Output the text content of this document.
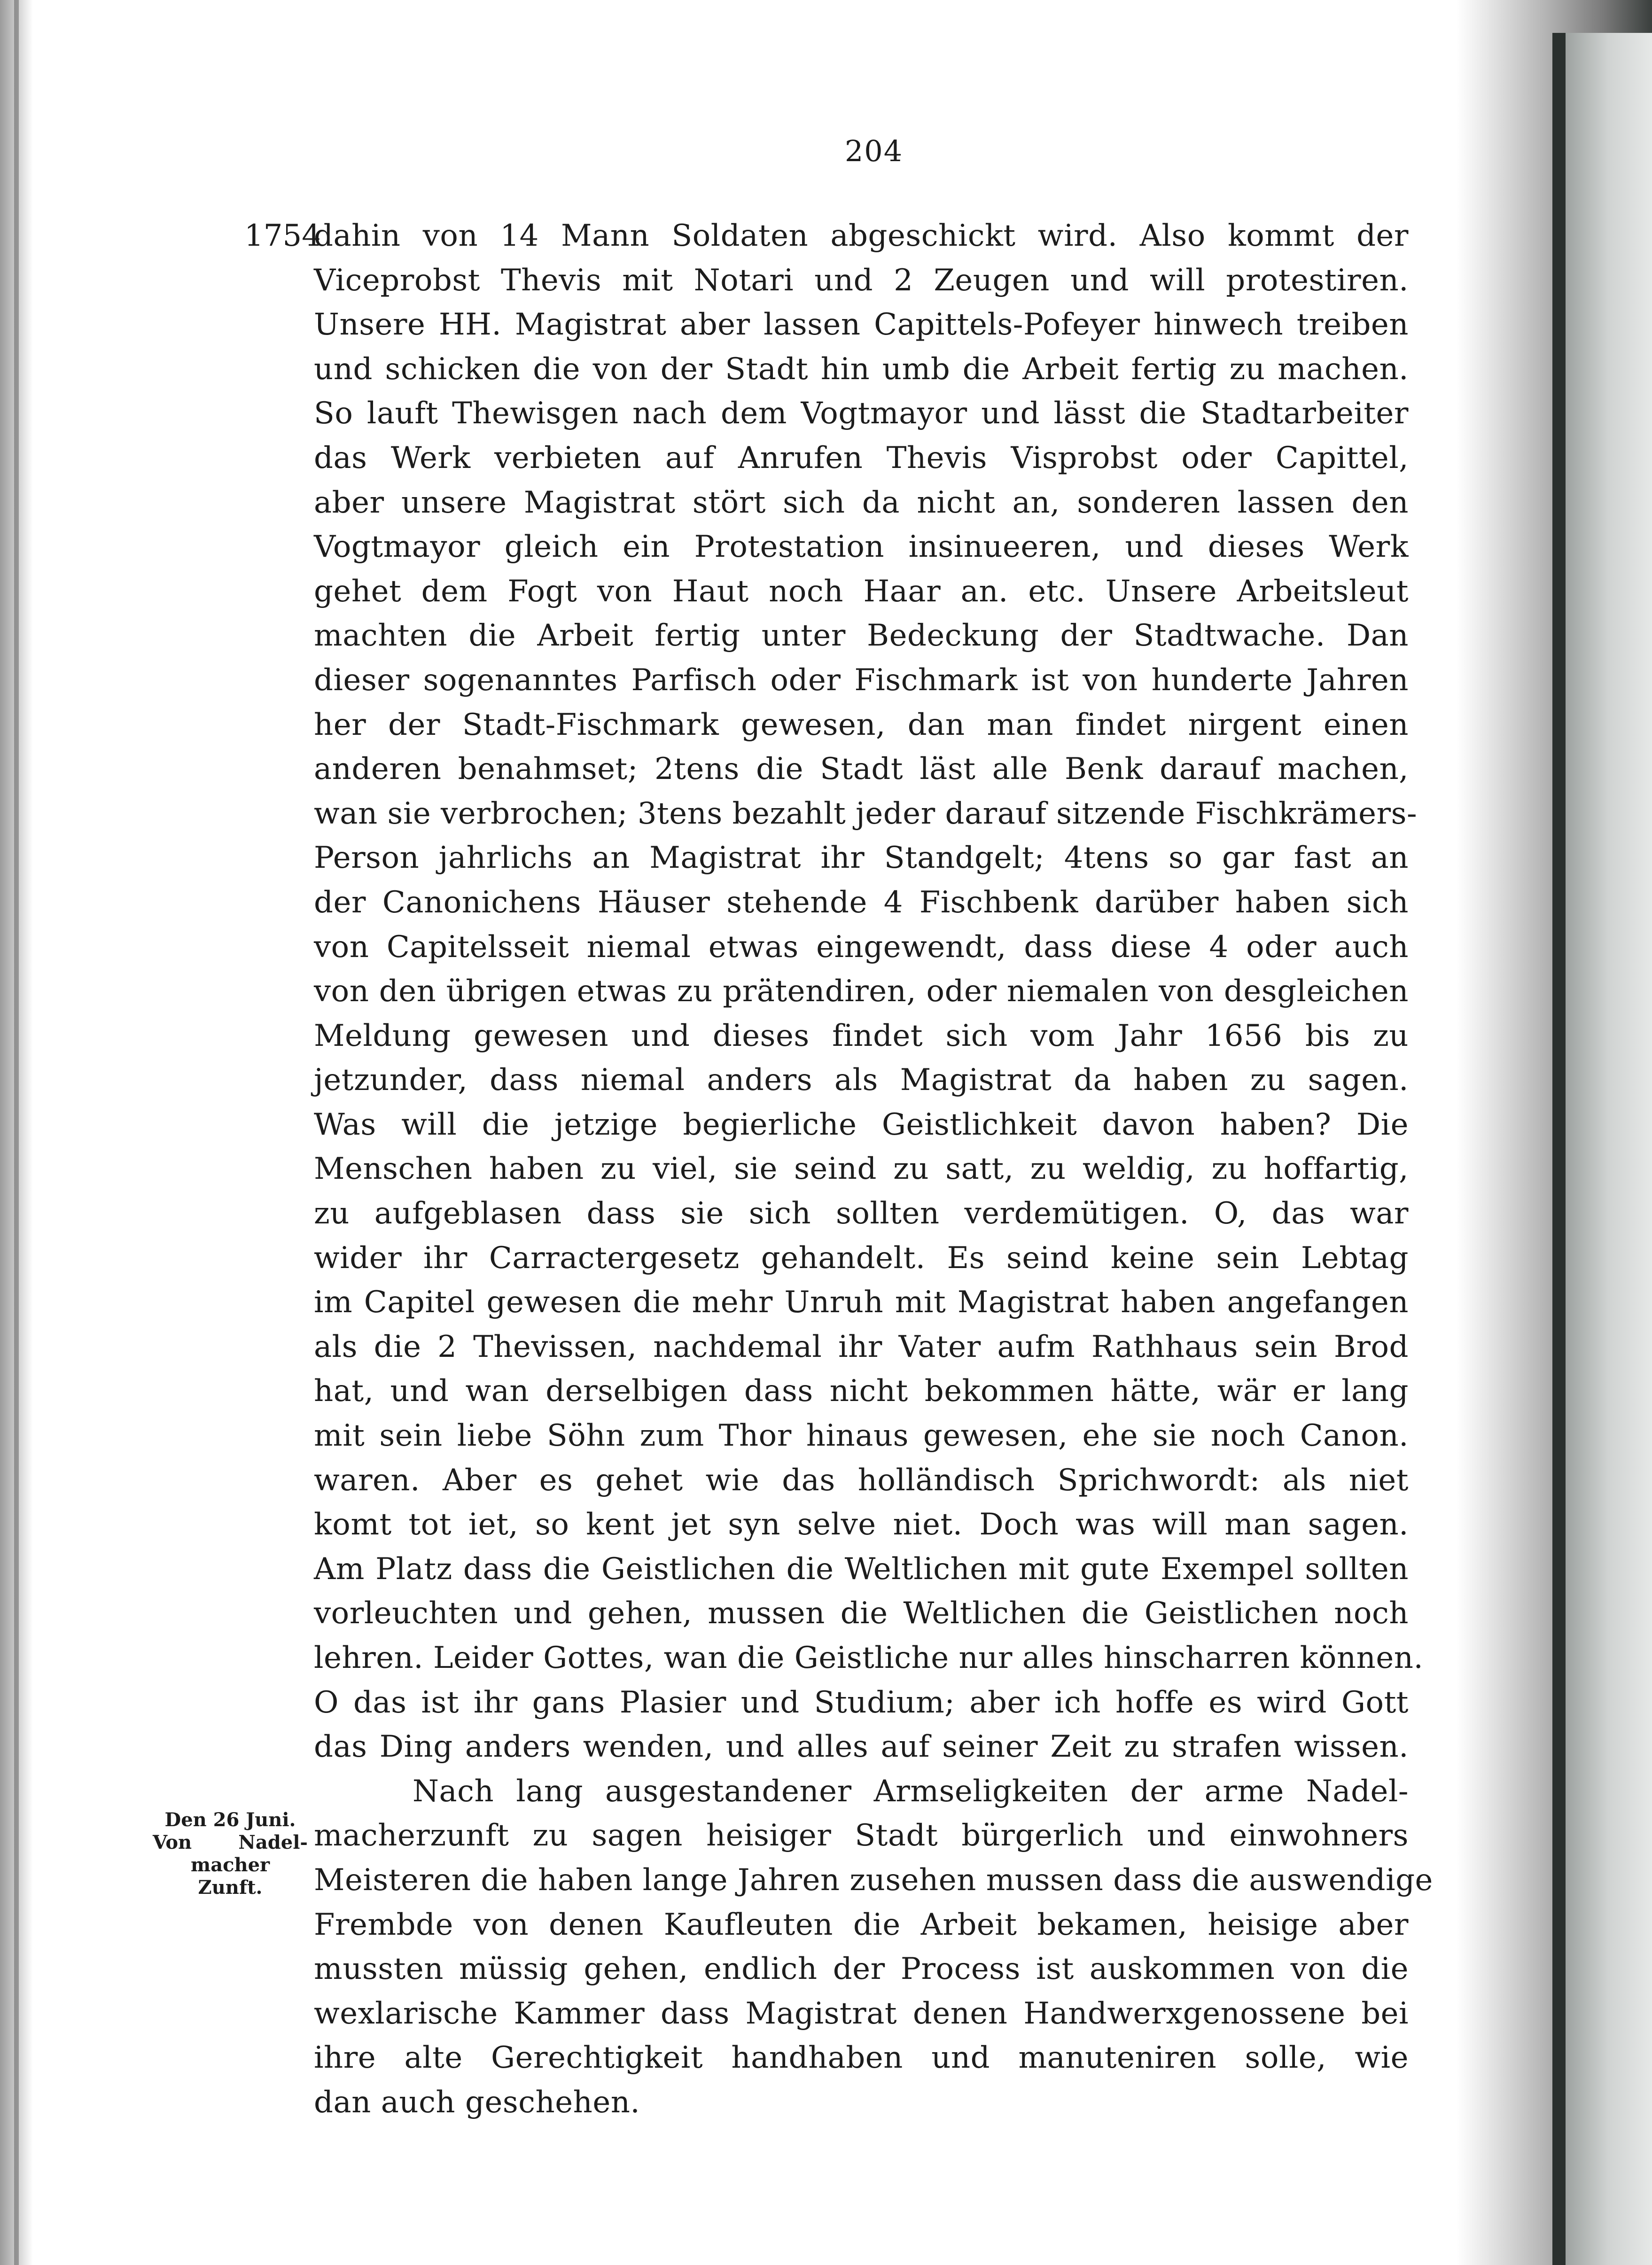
204
1754
dahin von 14 Mann Soldaten abgeschickt wird. Also kommt der
Viceprobst Thevis mit Notari und 2 Zeugen und will protestiren.
Unsere HH. Magistrat aber lassen Capittels-Pofeyer hinwech treiben
und schicken die von der Stadt hin umb die Arbeit fertig zu machen.
So lauft Thewisgen nach dem Vogtmayor und lässt die Stadtarbeiter
das Werk verbieten auf Anrufen Thevis Visprobst oder Capittel,
aber unsere Magistrat stört sich da nicht an, sonderen lassen den
Vogtmayor gleich ein Protestation insinueeren, und dieses Werk
gehet dem Fogt von Haut noch Haar an. etc. Unsere Arbeitsleut
machten die Arbeit fertig unter Bedeckung der Stadtwache. Dan
dieser sogenanntes Parfisch oder Fischmark ist von hunderte Jahren
her der Stadt-Fischmark gewesen, dan man findet nirgent einen
anderen benahmset; 2tens die Stadt läst alle Benk darauf machen,
wan sie verbrochen; 3tens bezahlt jeder darauf sitzende Fischkrämers-
Person jahrlichs an Magistrat ihr Standgelt; 4tens so gar fast an
der Canonichens Häuser stehende 4 Fischbenk darüber haben sich
von Capitelsseit niemal etwas eingewendt, dass diese 4 oder auch
von den übrigen etwas zu prätendiren, oder niemalen von desgleichen
Meldung gewesen und dieses findet sich vom Jahr 1656 bis zu
jetzunder, dass niemal anders als Magistrat da haben zu sagen.
Was will die jetzige begierliche Geistlichkeit davon haben? Die
Menschen haben zu viel, sie seind zu satt, zu weldig, zu hoffartig,
zu aufgeblasen dass sie sich sollten verdemütigen. O, das war
wider ihr Carractergesetz gehandelt. Es seind keine sein Lebtag
im Capitel gewesen die mehr Unruh mit Magistrat haben angefangen
als die 2 Thevissen, nachdemal ihr Vater aufm Rathhaus sein Brod
hat, und wan derselbigen dass nicht bekommen hätte, wär er lang
mit sein liebe Söhn zum Thor hinaus gewesen, ehe sie noch Canon.
waren. Aber es gehet wie das holländisch Sprichwordt: als niet
komt tot iet, so kent jet syn selve niet. Doch was will man sagen.
Am Platz dass die Geistlichen die Weltlichen mit gute Exempel sollten
vorleuchten und gehen, mussen die Weltlichen die Geistlichen noch
lehren. Leider Gottes, wan die Geistliche nur alles hinscharren können.
O das ist ihr gans Plasier und Studium; aber ich hoffe es wird Gott
das Ding anders wenden, und alles auf seiner Zeit zu strafen wissen.
Nach lang ausgestandener Armseligkeiten der arme Nadel-
macherzunft zu sagen heisiger Stadt bürgerlich und einwohners
Meisteren die haben lange Jahren zusehen mussen dass die auswendige
Frembde von denen Kaufleuten die Arbeit bekamen, heisige aber
mussten müssig gehen, endlich der Process ist auskommen von die
wexlarische Kammer dass Magistrat denen Handwerxgenossene bei
ihre alte Gerechtigkeit handhaben und manuteniren solle, wie
dan auch geschehen.
Den 26 Juni.
Von Nadel-
macher
Zunft.
